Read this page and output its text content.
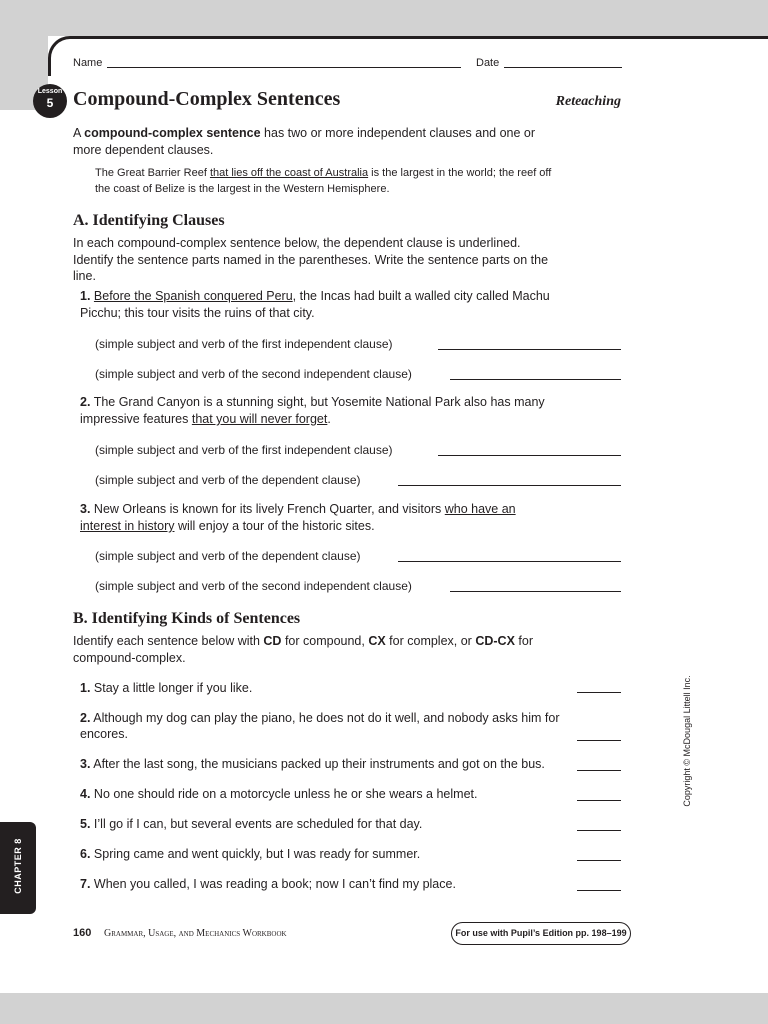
Name	Date
Lesson
5 Compound-Complex Sentences	Reteaching
A compound-complex sentence has two or more independent clauses and one or more dependent clauses.
The Great Barrier Reef that lies off the coast of Australia is the largest in the world; the reef off the coast of Belize is the largest in the Western Hemisphere.
A. Identifying Clauses
In each compound-complex sentence below, the dependent clause is underlined. Identify the sentence parts named in the parentheses. Write the sentence parts on the line.
1. Before the Spanish conquered Peru, the Incas had built a walled city called Machu Picchu; this tour visits the ruins of that city.
(simple subject and verb of the first independent clause)
(simple subject and verb of the second independent clause)
2. The Grand Canyon is a stunning sight, but Yosemite National Park also has many impressive features that you will never forget.
(simple subject and verb of the first independent clause)
(simple subject and verb of the dependent clause)
3. New Orleans is known for its lively French Quarter, and visitors who have an interest in history will enjoy a tour of the historic sites.
(simple subject and verb of the dependent clause)
(simple subject and verb of the second independent clause)
B. Identifying Kinds of Sentences
Identify each sentence below with CD for compound, CX for complex, or CD-CX for compound-complex.
1. Stay a little longer if you like.
2. Although my dog can play the piano, he does not do it well, and nobody asks him for encores.
3. After the last song, the musicians packed up their instruments and got on the bus.
4. No one should ride on a motorcycle unless he or she wears a helmet.
5. I’ll go if I can, but several events are scheduled for that day.
6. Spring came and went quickly, but I was ready for summer.
7. When you called, I was reading a book; now I can’t find my place.
Copyright © McDougal Littell Inc.
CHAPTER 8
160 Grammar, Usage, and Mechanics Workbook	For use with Pupil’s Edition pp. 198–199
